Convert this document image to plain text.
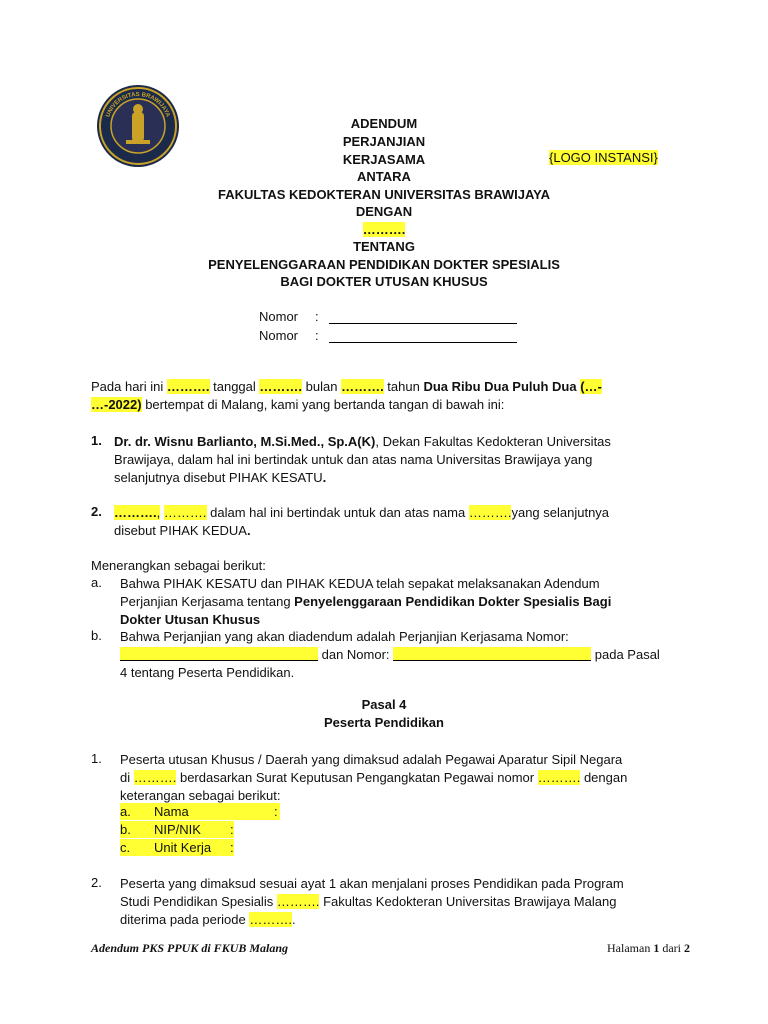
UNIVERSITAS BRAWIJAYA
ADENDUM
PERJANJIAN
KERJASAMA	{LOGO INSTANSI}
ANTARA
FAKULTAS KEDOKTERAN UNIVERSITAS BRAWIJAYA
DENGAN
……….
TENTANG
PENYELENGGARAAN PENDIDIKAN DOKTER SPESIALIS
BAGI DOKTER UTUSAN KHUSUS
Nomor :
Nomor :
Pada hari ini ………. tanggal ………. bulan ………. tahun Dua Ribu Dua Puluh Dua (…-
…-2022) bertempat di Malang, kami yang bertanda tangan di bawah ini:
1. Dr. dr. Wisnu Barlianto, M.Si.Med., Sp.A(K), Dekan Fakultas Kedokteran Universitas
Brawijaya, dalam hal ini bertindak untuk dan atas nama Universitas Brawijaya yang
selanjutnya disebut PIHAK KESATU.
2. ………., ………. dalam hal ini bertindak untuk dan atas nama ……….yang selanjutnya
disebut PIHAK KEDUA.
Menerangkan sebagai berikut:
a. Bahwa PIHAK KESATU dan PIHAK KEDUA telah sepakat melaksanakan Adendum
Perjanjian Kerjasama tentang Penyelenggaraan Pendidikan Dokter Spesialis Bagi
Dokter Utusan Khusus
b. Bahwa Perjanjian yang akan diadendum adalah Perjanjian Kerjasama Nomor:
dan Nomor:	pada Pasal
4 tentang Peserta Pendidikan.
Pasal 4
Peserta Pendidikan
1. Peserta utusan Khusus / Daerah yang dimaksud adalah Pegawai Aparatur Sipil Negara
di ………. berdasarkan Surat Keputusan Pengangkatan Pegawai nomor ………. dengan
keterangan sebagai berikut:
a. Nama	:
b. NIP/NIK :
c. Unit Kerja :
2. Peserta yang dimaksud sesuai ayat 1 akan menjalani proses Pendidikan pada Program
Studi Pendidikan Spesialis ………. Fakultas Kedokteran Universitas Brawijaya Malang
diterima pada periode ………..
Adendum PKS PPUK di FKUB Malang	Halaman 1 dari 2
